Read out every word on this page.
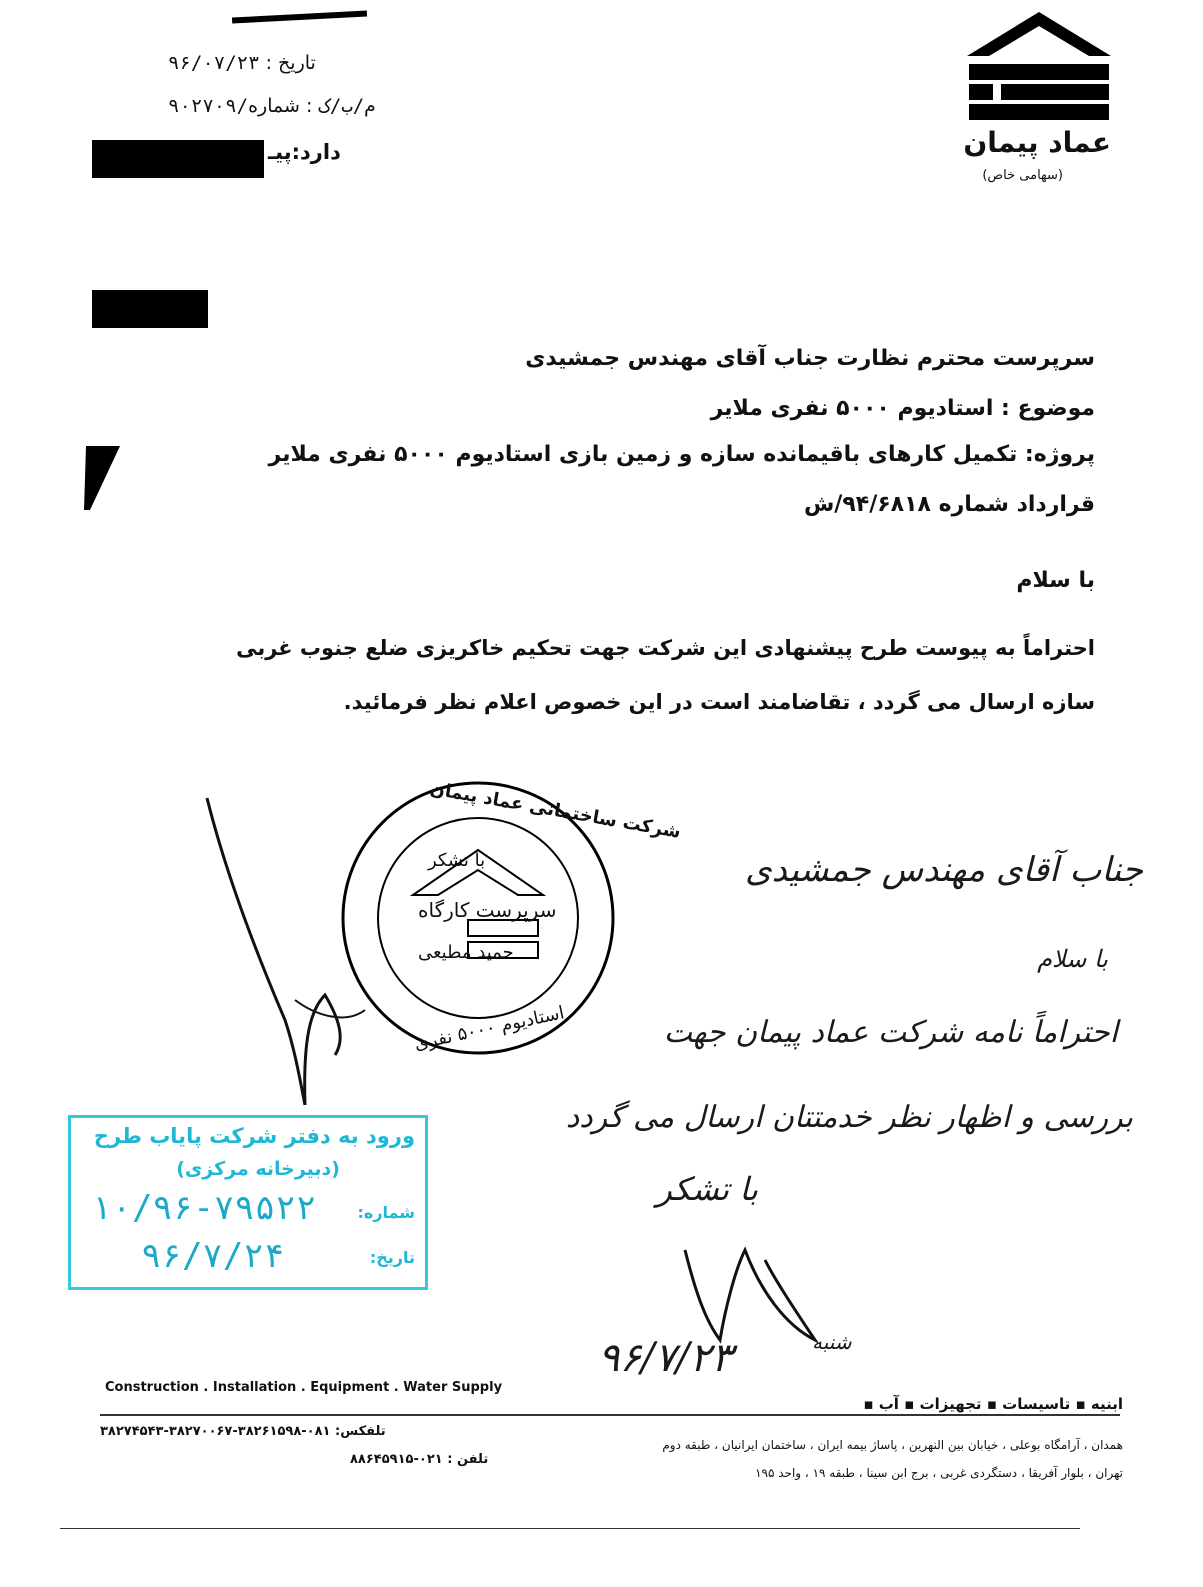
عماد پیمان
(سهامی خاص)
۹۶/۰۷/۲۳ : تاریخ
۹۰۲۷۰۹/م/ب/ک : شماره
دارد:پیـ
سرپرست محترم نظارت جناب آقای مهندس جمشیدی
موضوع : استادیوم ۵۰۰۰ نفری ملایر
پروژه: تکمیل کارهای باقیمانده سازه و زمین بازی استادیوم ۵۰۰۰ نفری ملایر
قرارداد شماره ۹۴/۶۸۱۸/ش
با سلام
احتراماً به پیوست طرح پیشنهادی این شرکت جهت تحکیم خاکریزی ضلع جنوب غربی
سازه ارسال می گردد ، تقاضامند است در این خصوص اعلام نظر فرمائید.
شرکت ساختمانی عماد پیمان
با تشکر
سرپرست کارگاه
حمید مطیعی
استادیوم ۵۰۰۰ نفری
جناب آقای مهندس جمشیدی
با سلام
احتراماً نامه شرکت عماد پیمان جهت
بررسی و اظهار نظر خدمتتان ارسال می گردد
با تشکر
۹۶/۷/۲۳	شنبه
ورود به دفتر شرکت پایاب طرح
(دبیرخانه مرکزی)
شماره:
۱۰/۹۶-۷۹۵۲۲
تاریخ:
۹۶/۷/۲۴
Construction . Installation . Equipment . Water Supply
ابنیه ▪ تاسیسات ▪ تجهیزات ▪ آب ▪
همدان ، آرامگاه بوعلی ، خیابان بین النهرین ، پاساژ بیمه ایران ، ساختمان ایرانیان ، طبقه دوم
تلفکس: ۰۸۱-۳۸۲۶۱۵۹۸-۳۸۲۷۰۰۶۷-۳۸۲۷۴۵۴۳
تهران ، بلوار آفریقا ، دستگردی غربی ، برج ابن سینا ، طبقه ۱۹ ، واحد ۱۹۵
تلفن : ۰۲۱-۸۸۶۴۵۹۱۵
